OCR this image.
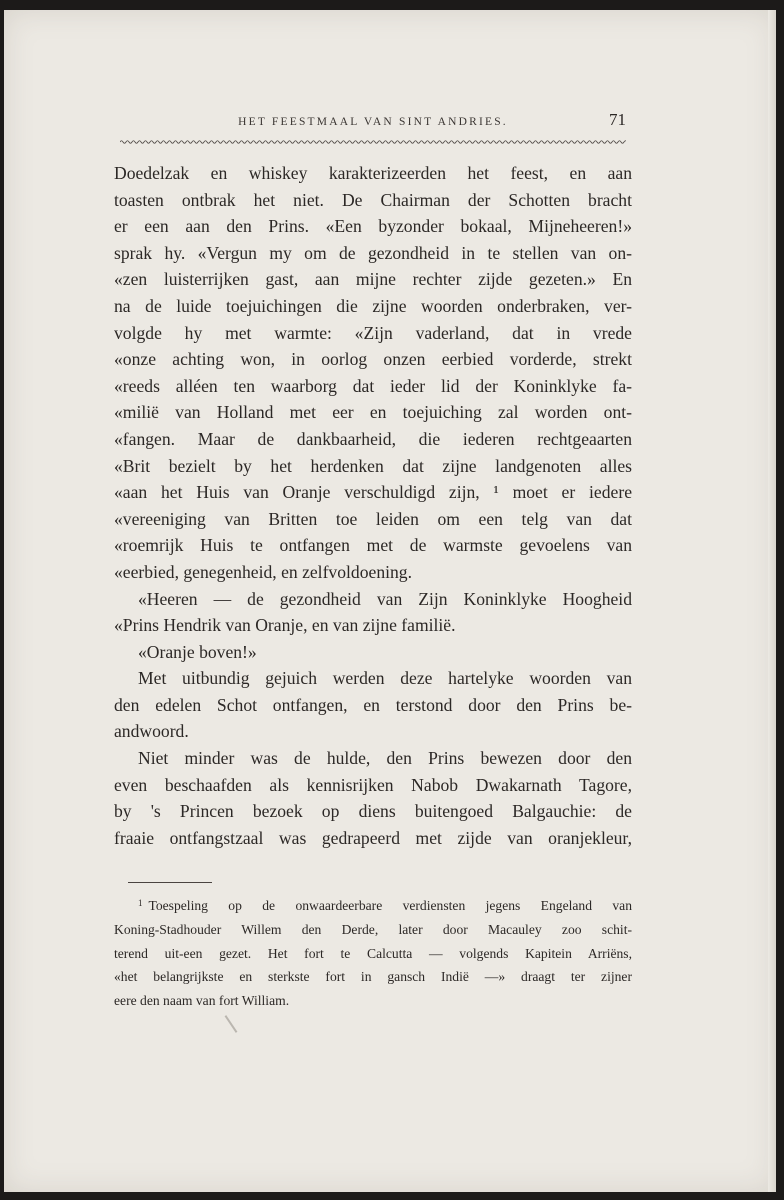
HET FEESTMAAL VAN SINT ANDRIES.	71
Doedelzak en whiskey karakterizeerden het feest, en aan
toasten ontbrak het niet. De Chairman der Schotten bracht
er een aan den Prins. «Een byzonder bokaal, Mijneheeren!»
sprak hy. «Vergun my om de gezondheid in te stellen van on-
«zen luisterrijken gast, aan mijne rechter zijde gezeten.» En
na de luide toejuichingen die zijne woorden onderbraken, ver-
volgde hy met warmte: «Zijn vaderland, dat in vrede
«onze achting won, in oorlog onzen eerbied vorderde, strekt
«reeds alléen ten waarborg dat ieder lid der Koninklyke fa-
«milië van Holland met eer en toejuiching zal worden ont-
«fangen. Maar de dankbaarheid, die iederen rechtgeaarten
«Brit bezielt by het herdenken dat zijne landgenoten alles
«aan het Huis van Oranje verschuldigd zijn, ¹ moet er iedere
«vereeniging van Britten toe leiden om een telg van dat
«roemrijk Huis te ontfangen met de warmste gevoelens van
«eerbied, genegenheid, en zelfvoldoening.
«Heeren — de gezondheid van Zijn Koninklyke Hoogheid
«Prins Hendrik van Oranje, en van zijne familië.
«Oranje boven!»
Met uitbundig gejuich werden deze hartelyke woorden van
den edelen Schot ontfangen, en terstond door den Prins be-
andwoord.
Niet minder was de hulde, den Prins bewezen door den
even beschaafden als kennisrijken Nabob Dwakarnath Tagore,
by 's Princen bezoek op diens buitengoed Balgauchie: de
fraaie ontfangstzaal was gedrapeerd met zijde van oranjekleur,
$^1$ Toespeling op de onwaardeerbare verdiensten jegens Engeland van
Koning-Stadhouder Willem den Derde, later door Macauley zoo schit-
terend uit-een gezet. Het fort te Calcutta — volgends Kapitein Arriëns,
«het belangrijkste en sterkste fort in gansch Indië —» draagt ter zijner
eere den naam van fort William.
